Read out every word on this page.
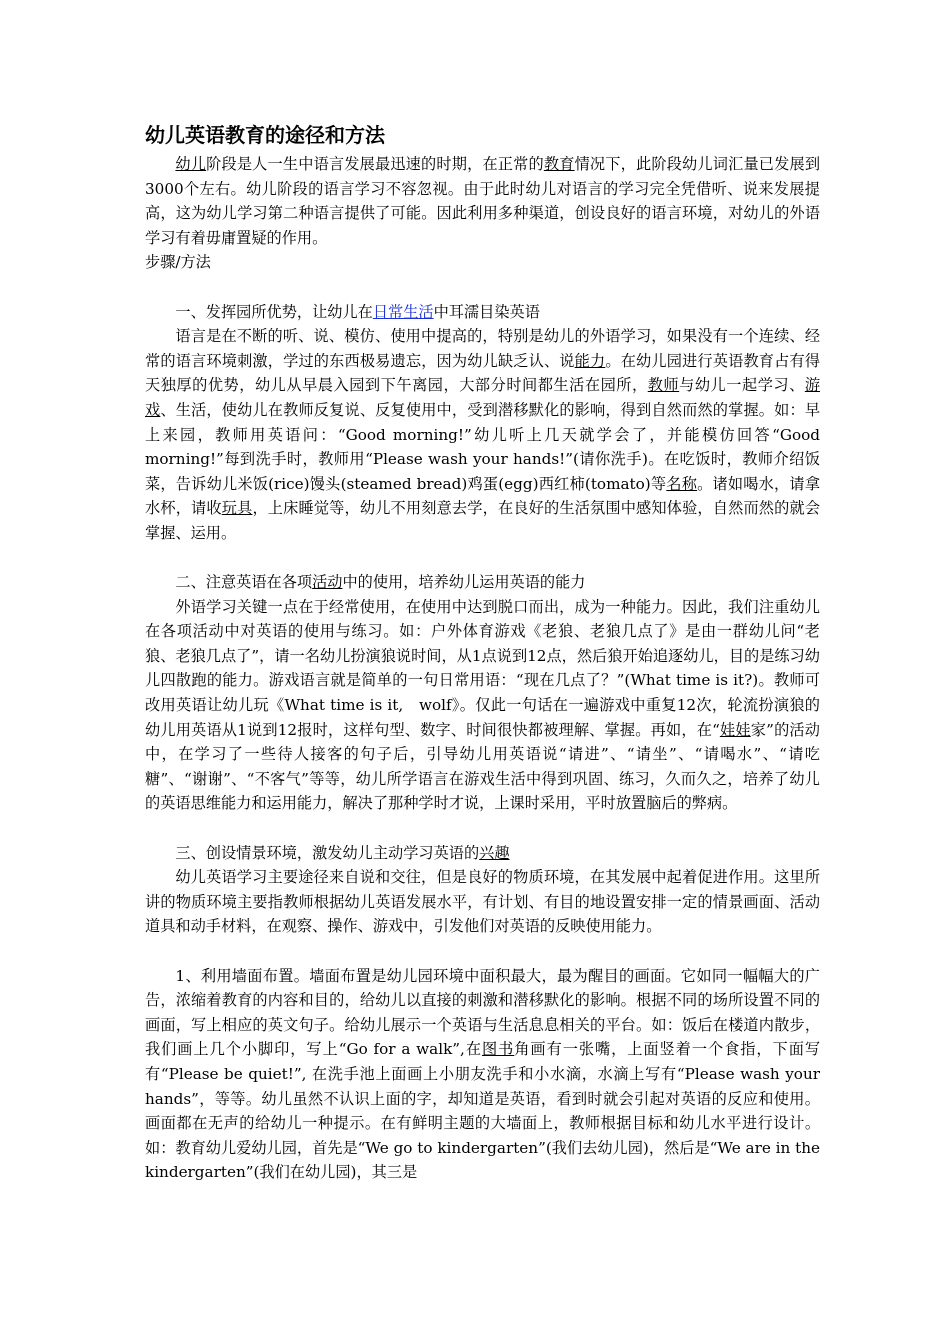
幼儿英语教育的途径和方法

幼儿阶段是人一生中语言发展最迅速的时期，在正常的教育情况下，此阶段幼儿词汇量已发展到3000个左右。幼儿阶段的语言学习不容忽视。由于此时幼儿对语言的学习完全凭借听、说来发展提高，这为幼儿学习第二种语言提供了可能。因此利用多种渠道，创设良好的语言环境，对幼儿的外语学习有着毋庸置疑的作用。

步骤/方法

一、发挥园所优势，让幼儿在日常生活中耳濡目染英语

语言是在不断的听、说、模仿、使用中提高的，特别是幼儿的外语学习，如果没有一个连续、经常的语言环境刺激，学过的东西极易遗忘，因为幼儿缺乏认、说能力。在幼儿园进行英语教育占有得天独厚的优势，幼儿从早晨入园到下午离园，大部分时间都生活在园所，教师与幼儿一起学习、游戏、生活，使幼儿在教师反复说、反复使用中，受到潜移默化的影响，得到自然而然的掌握。如：早上来园，教师用英语问：“Good morning!”幼儿听上几天就学会了，并能模仿回答“Good morning!”每到洗手时，教师用“Please wash your hands!”(请你洗手)。在吃饭时，教师介绍饭菜，告诉幼儿米饭(rice)馒头(steamed bread)鸡蛋(egg)西红柿(tomato)等名称。诸如喝水，请拿水杯，请收玩具，上床睡觉等，幼儿不用刻意去学，在良好的生活氛围中感知体验，自然而然的就会掌握、运用。

二、注意英语在各项活动中的使用，培养幼儿运用英语的能力

外语学习关键一点在于经常使用，在使用中达到脱口而出，成为一种能力。因此，我们注重幼儿在各项活动中对英语的使用与练习。如：户外体育游戏《老狼、老狼几点了》是由一群幼儿问“老狼、老狼几点了”，请一名幼儿扮演狼说时间，从1点说到12点，然后狼开始追逐幼儿，目的是练习幼儿四散跑的能力。游戏语言就是简单的一句日常用语：“现在几点了？”(What time is it?)。教师可改用英语让幼儿玩《What time is it,　wolf》。仅此一句话在一遍游戏中重复12次，轮流扮演狼的幼儿用英语从1说到12报时，这样句型、数字、时间很快都被理解、掌握。再如，在“娃娃家”的活动中，在学习了一些待人接客的句子后，引导幼儿用英语说“请进”、“请坐”、“请喝水”、“请吃糖”、“谢谢”、“不客气”等等，幼儿所学语言在游戏生活中得到巩固、练习，久而久之，培养了幼儿的英语思维能力和运用能力，解决了那种学时才说，上课时采用，平时放置脑后的弊病。

三、创设情景环境，激发幼儿主动学习英语的兴趣

幼儿英语学习主要途径来自说和交往，但是良好的物质环境，在其发展中起着促进作用。这里所讲的物质环境主要指教师根据幼儿英语发展水平，有计划、有目的地设置安排一定的情景画面、活动道具和动手材料，在观察、操作、游戏中，引发他们对英语的反映使用能力。

1、利用墙面布置。墙面布置是幼儿园环境中面积最大，最为醒目的画面。它如同一幅幅大的广告，浓缩着教育的内容和目的，给幼儿以直接的刺激和潜移默化的影响。根据不同的场所设置不同的画面，写上相应的英文句子。给幼儿展示一个英语与生活息息相关的平台。如：饭后在楼道内散步，我们画上几个小脚印，写上“Go for a walk”,在图书角画有一张嘴，上面竖着一个食指，下面写有“Please be quiet!”, 在洗手池上面画上小朋友洗手和小水滴，水滴上写有“Please wash your hands”，等等。幼儿虽然不认识上面的字，却知道是英语，看到时就会引起对英语的反应和使用。画面都在无声的给幼儿一种提示。在有鲜明主题的大墙面上，教师根据目标和幼儿水平进行设计。如：教育幼儿爱幼儿园，首先是“We go to kindergarten”(我们去幼儿园)，然后是“We are in the kindergarten”(我们在幼儿园)，其三是
